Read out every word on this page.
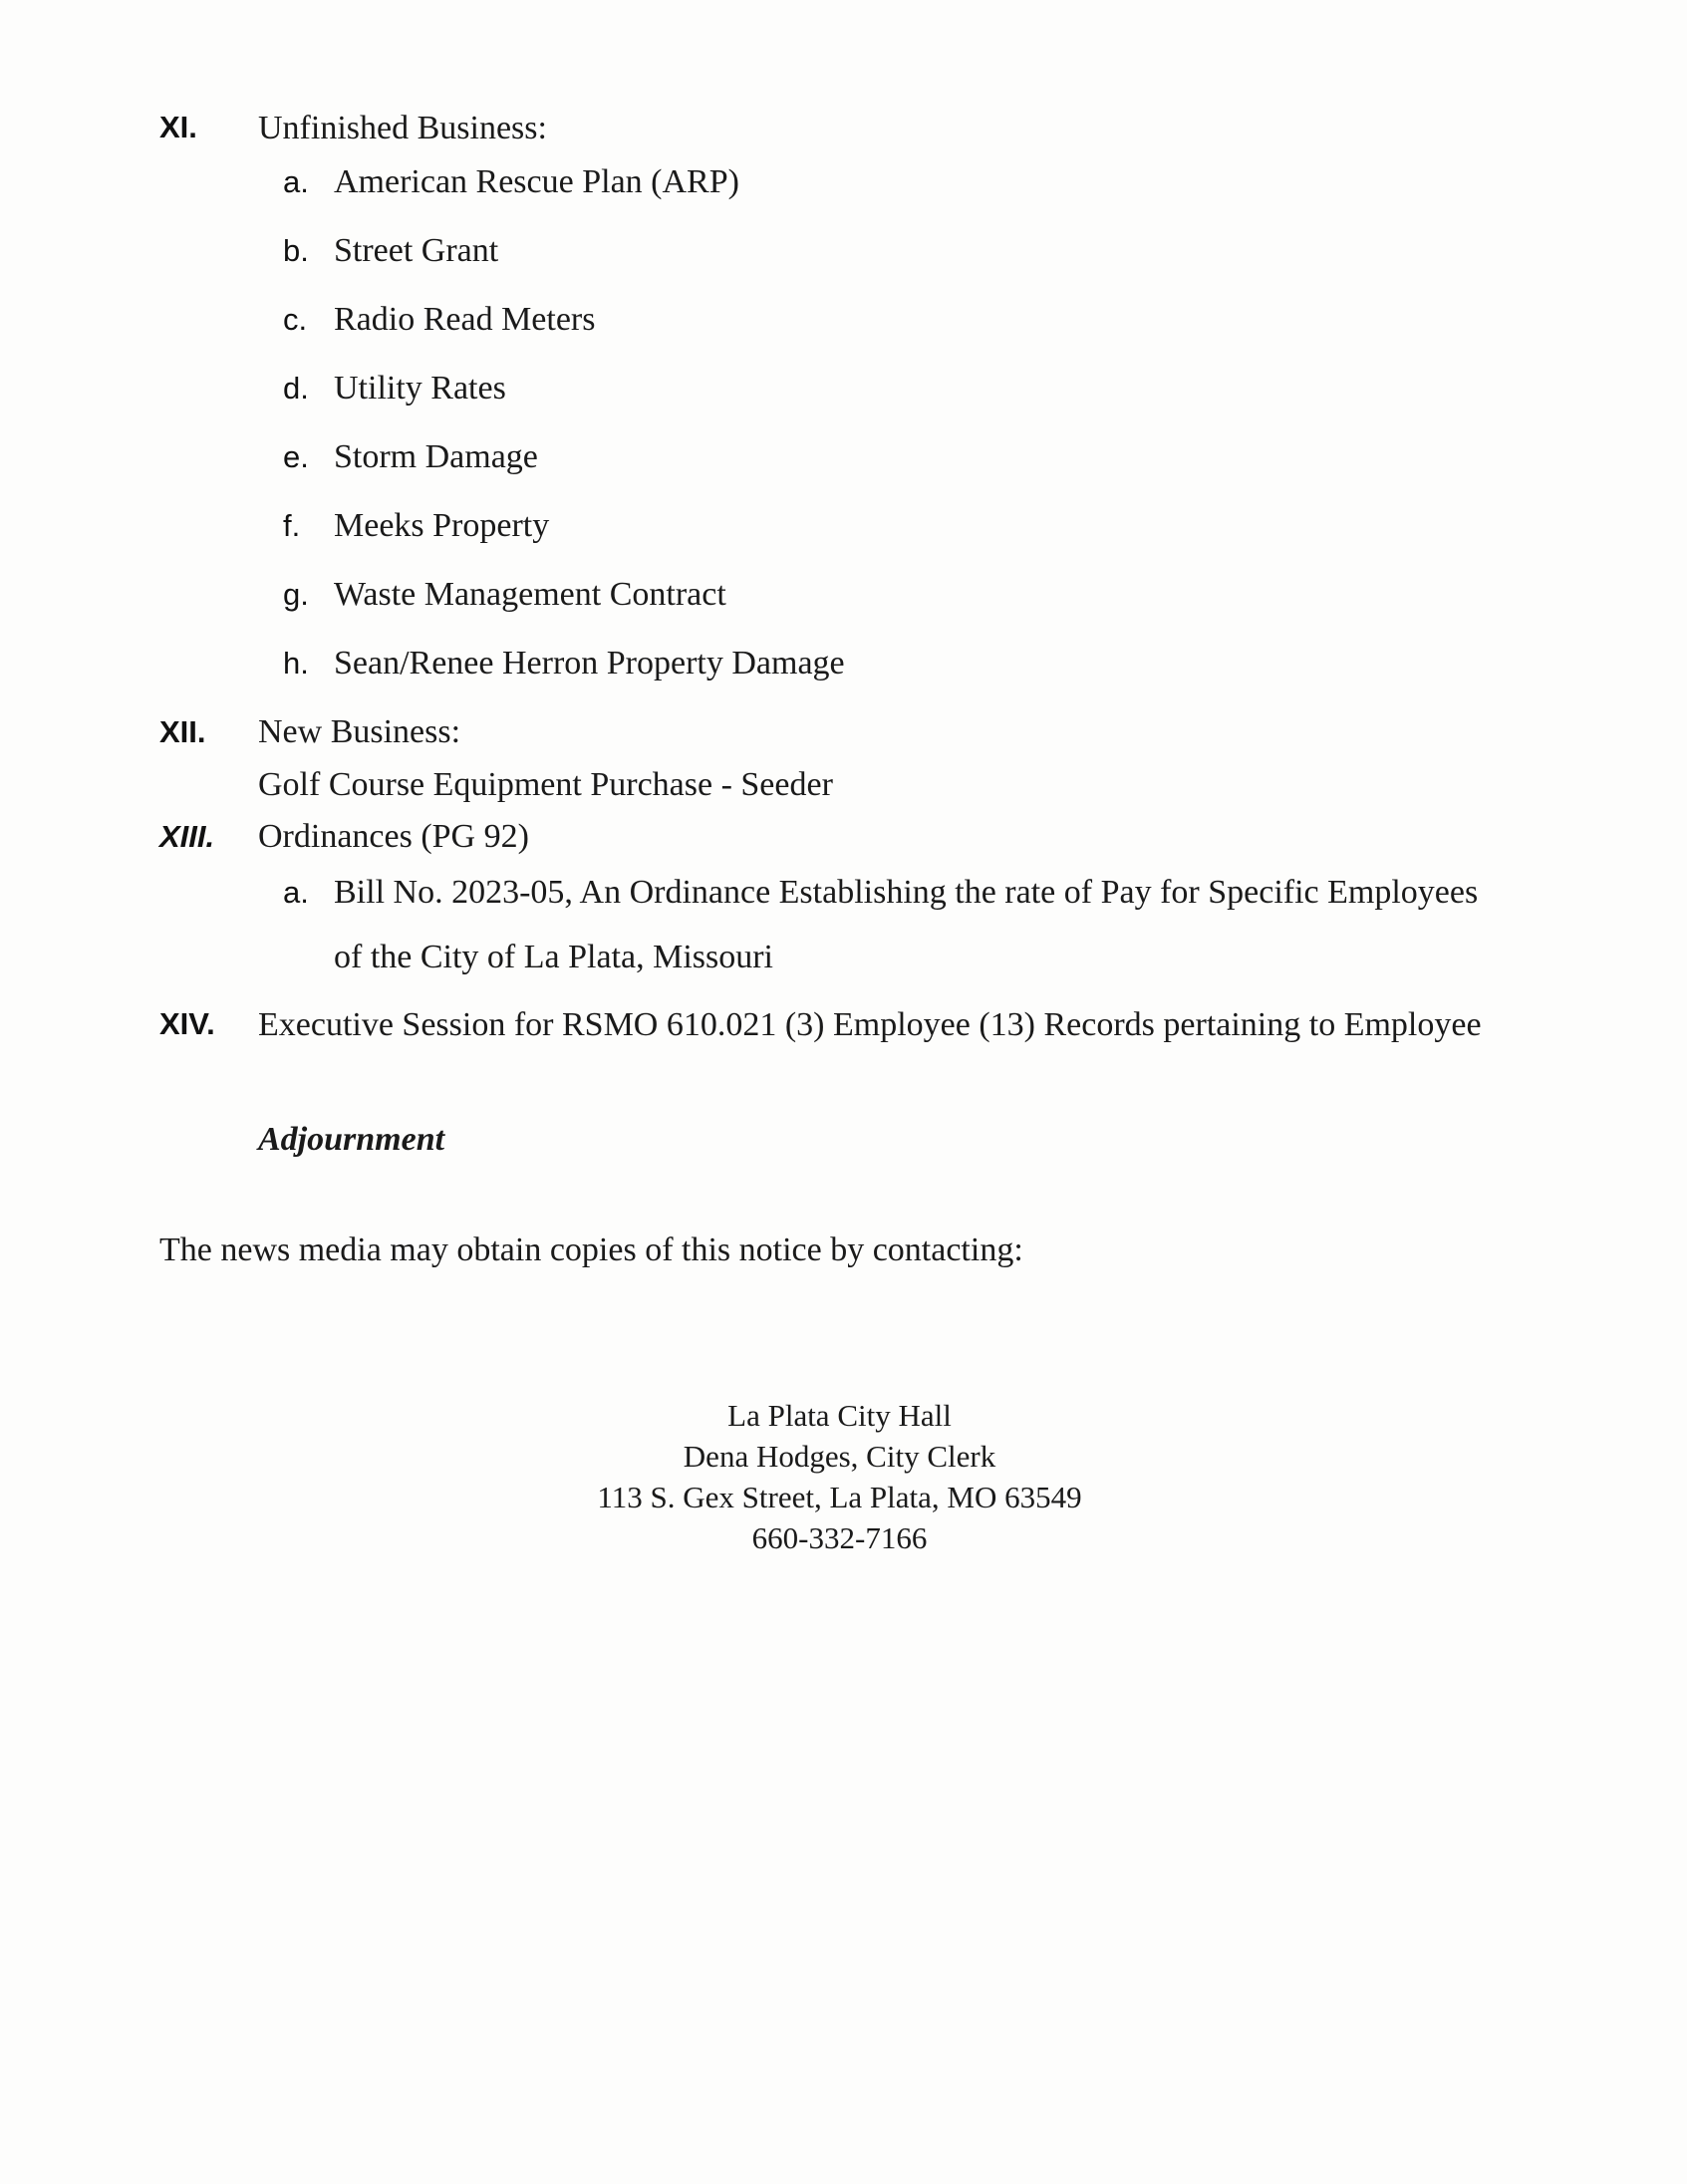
XI. Unfinished Business:
a. American Rescue Plan (ARP)
b. Street Grant
c. Radio Read Meters
d. Utility Rates
e. Storm Damage
f. Meeks Property
g. Waste Management Contract
h. Sean/Renee Herron Property Damage
XII. New Business:
Golf Course Equipment Purchase - Seeder
XIII. Ordinances (PG 92)
a. Bill No. 2023-05, An Ordinance Establishing the rate of Pay for Specific Employees
of the City of La Plata, Missouri
XIV. Executive Session for RSMO 610.021 (3) Employee (13) Records pertaining to Employee
Adjournment
The news media may obtain copies of this notice by contacting:
La Plata City Hall
Dena Hodges, City Clerk
113 S. Gex Street, La Plata, MO 63549
660-332-7166
